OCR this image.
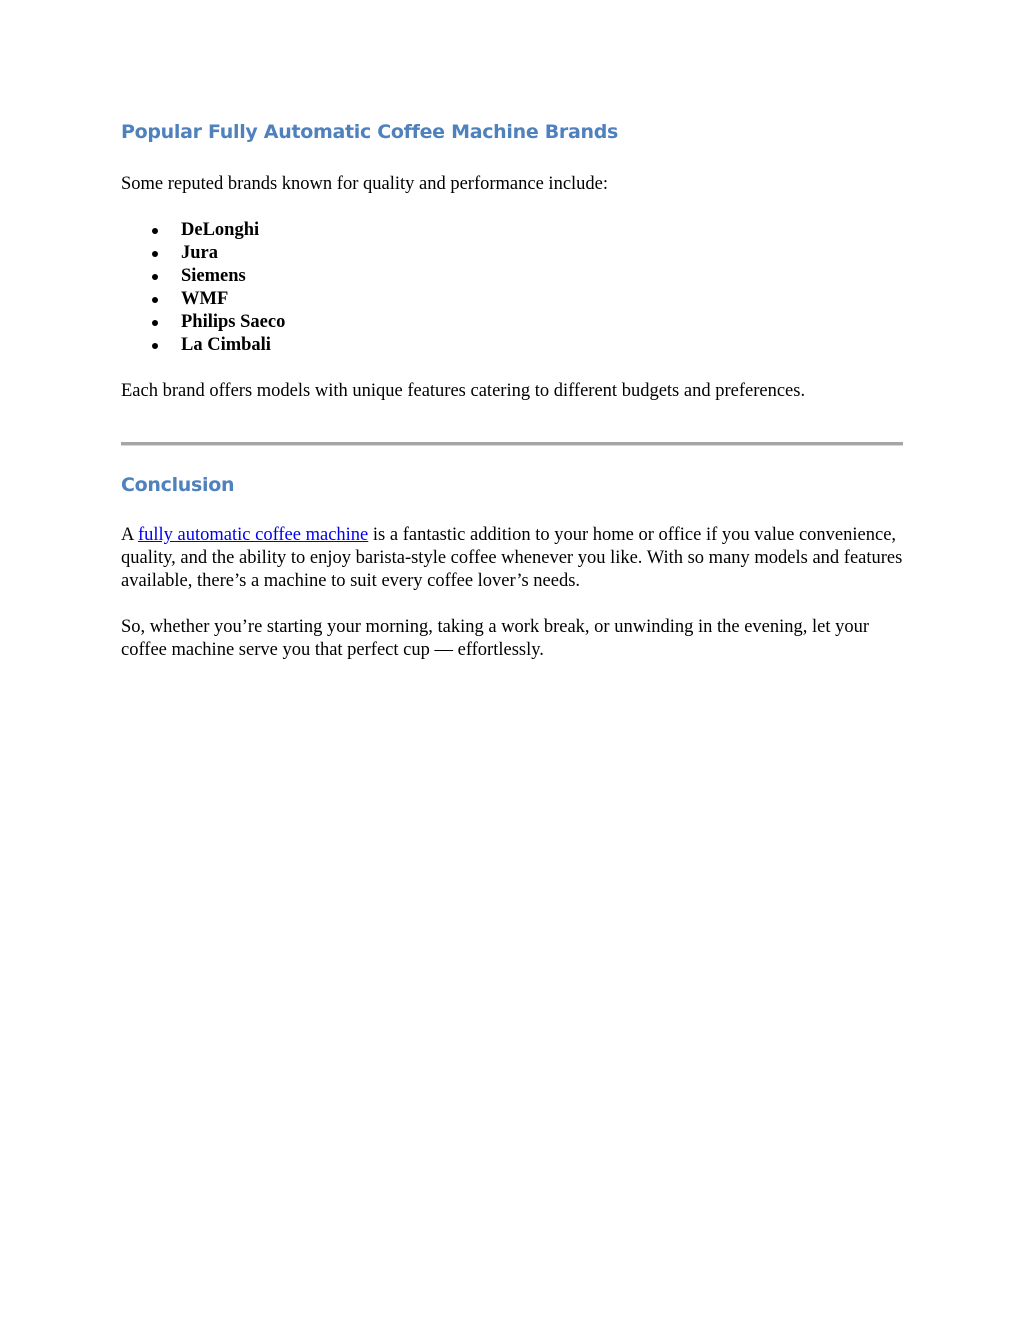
Popular Fully Automatic Coffee Machine Brands

Some reputed brands known for quality and performance include:

DeLonghi
Jura
Siemens
WMF
Philips Saeco
La Cimbali

Each brand offers models with unique features catering to different budgets and preferences.

Conclusion

A fully automatic coffee machine is a fantastic addition to your home or office if you value convenience, quality, and the ability to enjoy barista-style coffee whenever you like. With so many models and features available, there’s a machine to suit every coffee lover’s needs.

So, whether you’re starting your morning, taking a work break, or unwinding in the evening, let your coffee machine serve you that perfect cup — effortlessly.
